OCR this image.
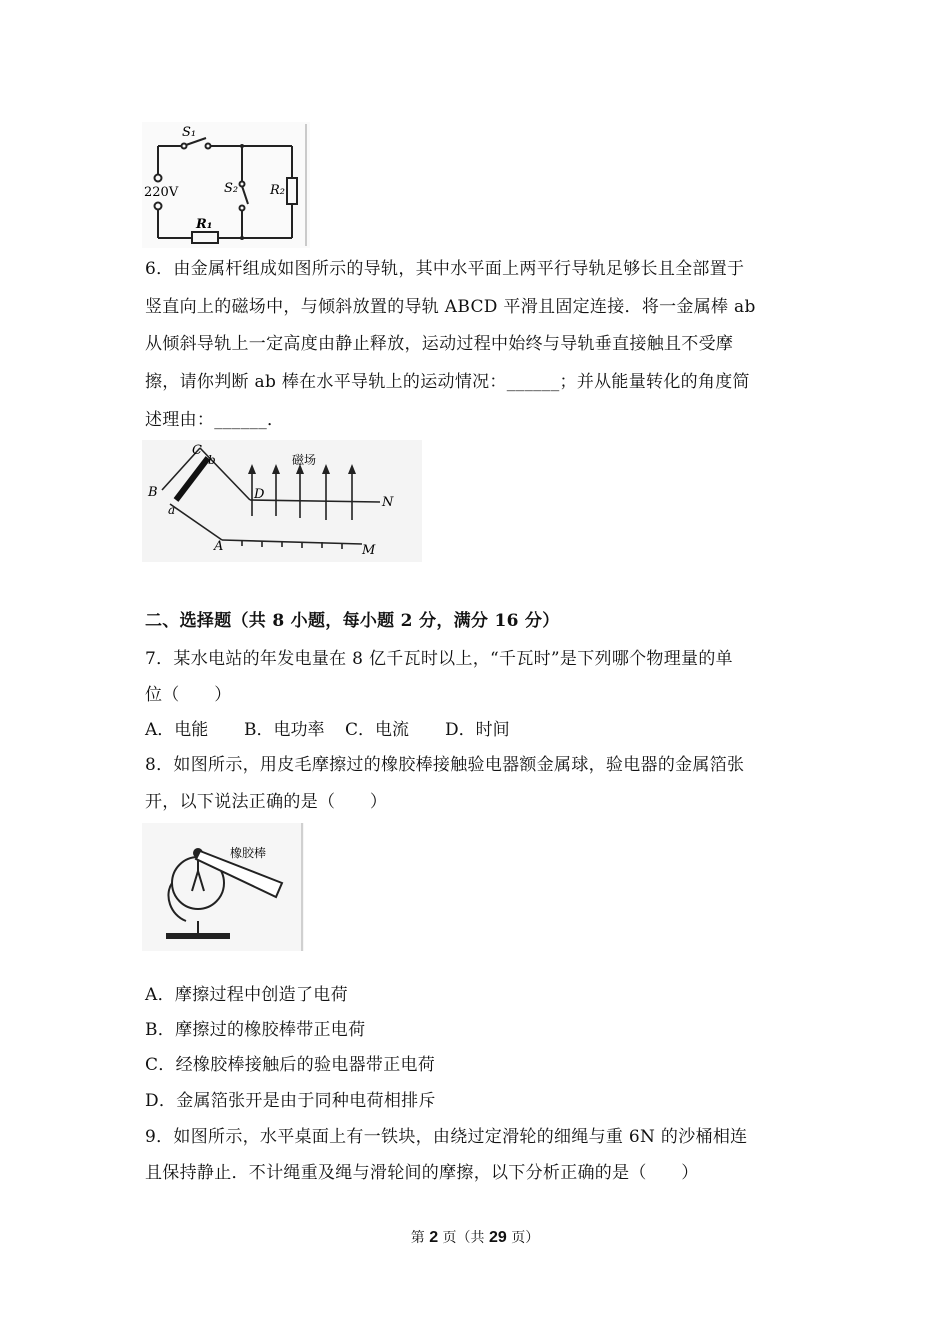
S₁
220V	S₂ R₂
R₁
6．由金属杆组成如图所示的导轨，其中水平面上两平行导轨足够长且全部置于
竖直向上的磁场中，与倾斜放置的导轨 ABCD 平滑且固定连接．将一金属棒 ab
从倾斜导轨上一定高度由静止释放，运动过程中始终与导轨垂直接触且不受摩
擦，请你判断 ab 棒在水平导轨上的运动情况：______；并从能量转化的角度简
述理由：______．
C
b
B
a
D
A
N
M
磁场
二、选择题（共 8 小题，每小题 2 分，满分 16 分）
7．某水电站的年发电量在 8 亿千瓦时以上，“千瓦时”是下列哪个物理量的单
位（　　）
A．电能 B．电功率 C．电流 D．时间
8．如图所示，用皮毛摩擦过的橡胶棒接触验电器额金属球，验电器的金属箔张
开，以下说法正确的是（　　）
橡胶棒
A．摩擦过程中创造了电荷
B．摩擦过的橡胶棒带正电荷
C．经橡胶棒接触后的验电器带正电荷
D．金属箔张开是由于同种电荷相排斥
9．如图所示，水平桌面上有一铁块，由绕过定滑轮的细绳与重 6N 的沙桶相连
且保持静止．不计绳重及绳与滑轮间的摩擦，以下分析正确的是（　　）
第 2 页（共 29 页）
